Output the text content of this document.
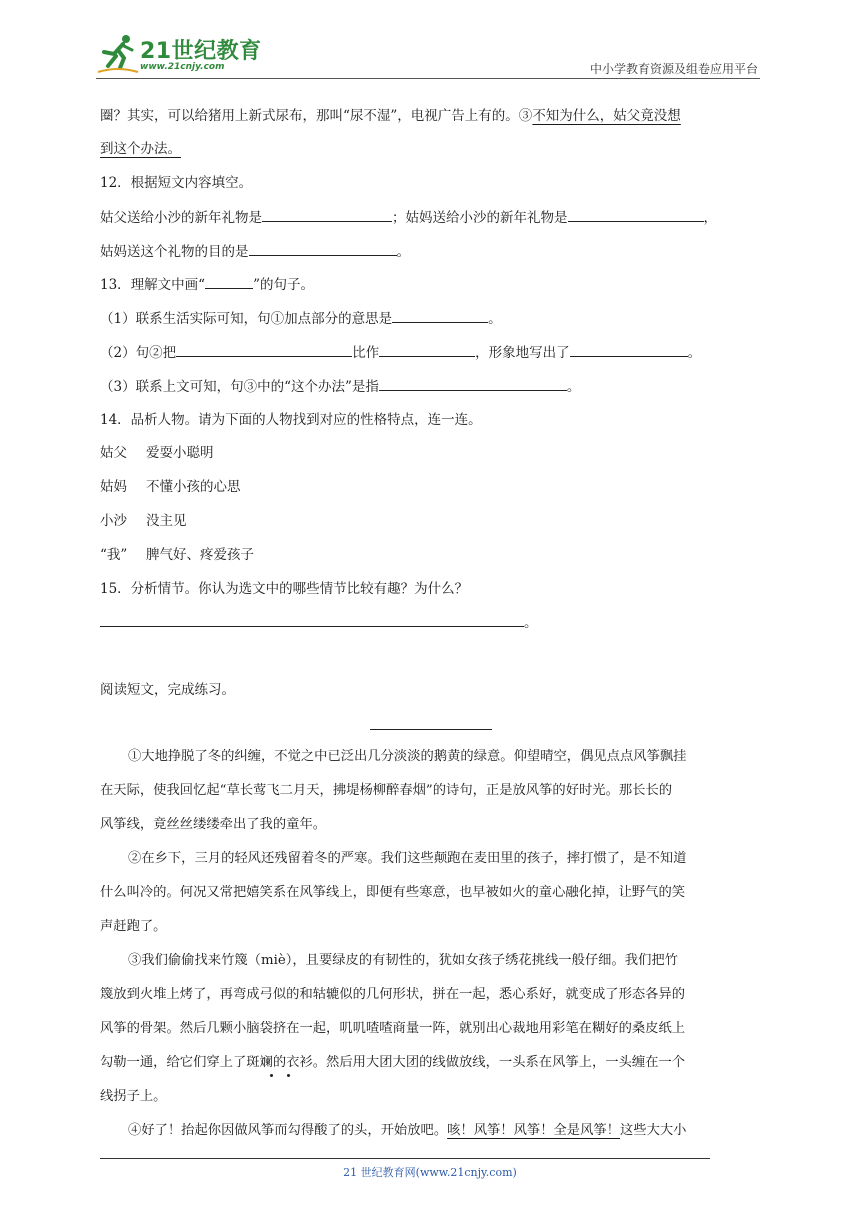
21世纪教育
www.21cnjy.com	中小学教育资源及组卷应用平台
圈？其实，可以给猪用上新式尿布，那叫“尿不湿”，电视广告上有的。③不知为什么，姑父竟没想
到这个办法。
12．根据短文内容填空。
姑父送给小沙的新年礼物是	；姑妈送给小沙的新年礼物是	，
姑妈送这个礼物的目的是	。
13．理解文中画“	”的句子。
（1）联系生活实际可知，句①加点部分的意思是	。
（2）句②把	比作	，形象地写出了	。
（3）联系上文可知，句③中的“这个办法”是指	。
14．品析人物。请为下面的人物找到对应的性格特点，连一连。
姑父 爱耍小聪明
姑妈 不懂小孩的心思
小沙 没主见
“我” 脾气好、疼爱孩子
15．分析情节。你认为选文中的哪些情节比较有趣？为什么？
。
阅读短文，完成练习。
①大地挣脱了冬的纠缠，不觉之中已泛出几分淡淡的鹅黄的绿意。仰望晴空，偶见点点风筝飘挂
在天际，使我回忆起“草长莺飞二月天，拂堤杨柳醉春烟”的诗句，正是放风筝的好时光。那长长的
风筝线，竟丝丝缕缕牵出了我的童年。
②在乡下，三月的轻风还残留着冬的严寒。我们这些颠跑在麦田里的孩子，摔打惯了，是不知道
什么叫冷的。何况又常把嬉笑系在风筝线上，即便有些寒意，也早被如火的童心融化掉，让野气的笑
声赶跑了。
③我们偷偷找来竹篾（miè），且要绿皮的有韧性的，犹如女孩子绣花挑线一般仔细。我们把竹
篾放到火堆上烤了，再弯成弓似的和轱辘似的几何形状，拼在一起，悉心系好，就变成了形态各异的
风筝的骨架。然后几颗小脑袋挤在一起，叽叽喳喳商量一阵，就别出心裁地用彩笔在糊好的桑皮纸上
勾勒一通，给它们穿上了斑斓的衣衫。然后用大团大团的线做放线，一头系在风筝上，一头缠在一个
线拐子上。
④好了！抬起你因做风筝而勾得酸了的头，开始放吧。咳！风筝！风筝！全是风筝！这些大大小
21 世纪教育网(www.21cnjy.com)
